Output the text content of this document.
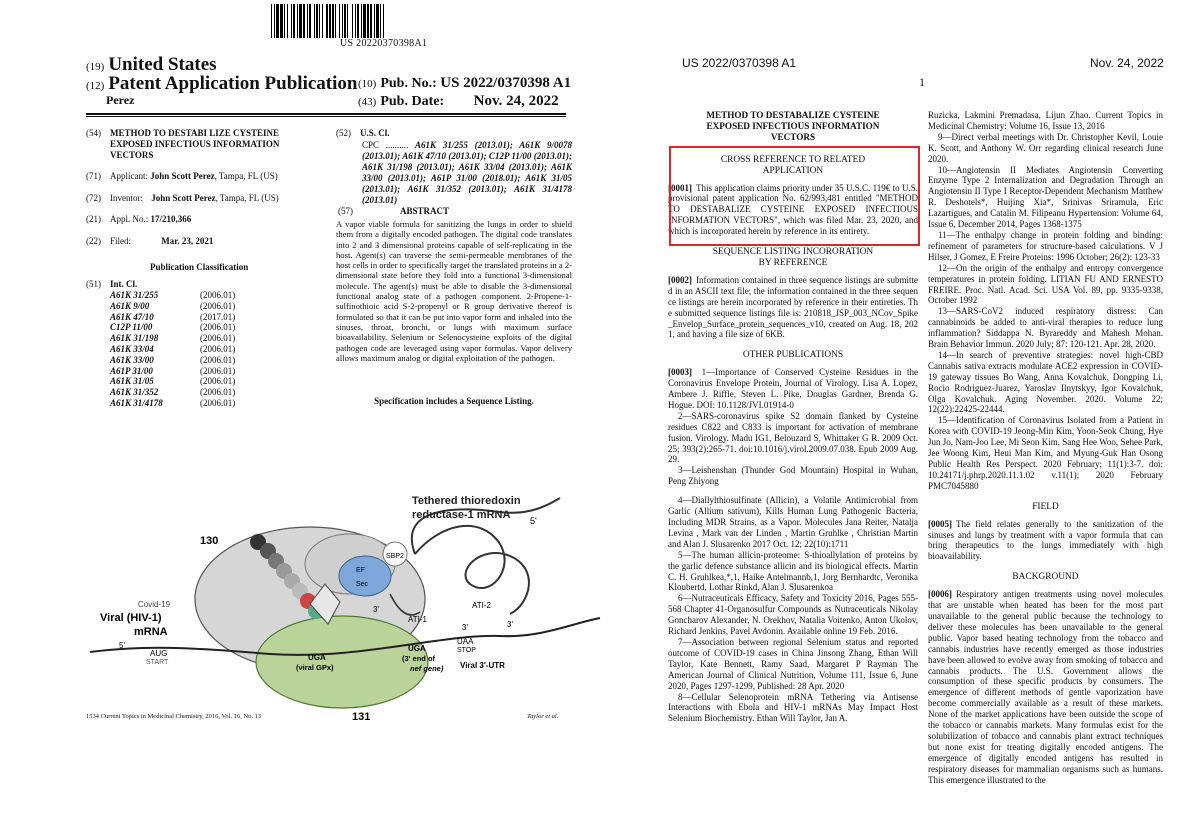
US 20220370398A1
(19) United States
(12) Patent Application Publication
Perez
(10) Pub. No.: US 2022/0370398 A1
(43) Pub. Date: Nov. 24, 2022
(54) METHOD TO DESTABI LIZE CYSTEINE EXPOSED INFECTIOUS INFORMATION VECTORS
(71) Applicant: John Scott Perez, Tampa, FL (US)
(72) Inventor: John Scott Perez, Tampa, FL (US)
(21) Appl. No.: 17/210,366
(22) Filed:	Mar. 23, 2021
Publication Classification
(51) Int. Cl.
A61K 31/255	(2006.01)
A61K 9/00	(2006.01)
A61K 47/10	(2017.01)
C12P 11/00	(2006.01)
A61K 31/198	(2006.01)
A61K 33/04	(2006.01)
A61K 33/00	(2006.01)
A61P 31/00	(2006.01)
A61K 31/05	(2006.01)
A61K 31/352	(2006.01)
A61K 31/4178	(2006.01)
(52) U.S. Cl.
CPC .......... A61K 31/255 (2013.01); A61K 9/0078 (2013.01); A61K 47/10 (2013.01); C12P 11/00 (2013.01); A61K 31/198 (2013.01); A61K 33/04 (2013.01); A61K 33/00 (2013.01); A61P 31/00 (2018.01); A61K 31/05 (2013.01); A61K 31/352 (2013.01); A61K 31/4178 (2013.01)
(57)	ABSTRACT
A vapor viable formula for sanitizing the lungs in order to shield them from a digitally encoded pathogen. The digital code translates into 2 and 3 dimensional proteins capable of self-replicating in the host. Agent(s) can traverse the semi-permeable membranes of the host cells in order to specifically target the translated proteins in a 2-dimensional state before they fold into a functional 3-dimensional molecule. The agent(s) must be able to disable the 3-dimensional functional analog state of a pathogen component. 2-Propene-1-sulfinothioic acid S-2-propenyl or R group derivative thereof is formulated so that it can be put into vapor form and inhaled into the sinuses, throat, bronchi, or lungs with maximum surface bioavailability. Selenium or Selenocysteine exploits of the digital pathogen code are leveraged using vapor formulas. Vapor delivery allows maximum analog or digital exploitation of the pathogen.
Specification includes a Sequence Listing.
130
131
Tethered thioredoxin
reductase-1 mRNA 5'
SBP2
EF
Sec
Covid-19
Viral (HIV-1)
mRNA
ATI-1
ATI-2
3'
3'	3'
5'	UAA
STOP
UGA
(3' end of
nef gene) Viral 3'-UTR
AUG
START
UGA
(viral GPx)
1534 Current Topics in Medicinal Chemistry, 2016, Vol. 16, No. 13	Taylor et al.
US 2022/0370398 A1	Nov. 24, 2022
1
METHOD TO DESTABALIZE CYSTEINE EXPOSED INFECTIOUS INFORMATION VECTORS
CROSS REFERENCE TO RELATED APPLICATION
[0001] This application claims priority under 35 U.S.C. 119€ to U.S. provisional patent application No. 62/993,481 entitled "METHOD TO DESTABALIZE CYSTEINE EXPOSED INFECTIOUS INFORMATION VECTORS", which was filed Mar. 23, 2020, and which is incorporated herein by reference in its entirety.
SEQUENCE LISTING INCORORATION BY REFERENCE
[0002] Information contained in three sequence listings are submitted in an ASCII text file; the information contained in the three sequence listings are herein incorporated by reference in their entireties. The submitted sequence listings file is: 210818_JSP_003_NCov_Spike_Envelop_Surface_protein_sequences_v10, created on Aug. 18, 2021, and having a file size of 6KB.
OTHER PUBLICATIONS
[0003] 1—Importance of Conserved Cysteine Residues in the Coronavirus Envelope Protein, Journal of Virology. Lisa A. Lopez, Ambere J. Riffle, Steven L. Pike, Douglas Gardner, Brenda G. Hogue. DOI: 10.1128/JVI.01914-0
2—SARS-coronavirus spike S2 domain flanked by Cysteine residues C822 and C833 is important for activation of membrane fusion. Virology. Madu IG1, Belouzard S, Whittaker G R. 2009 Oct. 25; 393(2):265-71. doi:10.1016/j.virol.2009.07.038. Epub 2009 Aug. 29.
3—Leishenshan (Thunder God Mountain) Hospital in Wuhan, Peng Zhiyong
4—Diallylthiosulfinate (Allicin), a Volatile Antimicrobial from Garlic (Allium sativum), Kills Human Lung Pathogenic Bacteria, Including MDR Strains, as a Vapor. Molecules Jana Reiter, Natalja Levina , Mark van der Linden , Martin Gruhlke , Christian Martin and Alan J. Slusarenko 2017 Oct. 12; 22(10):1711
5—The human allicin-proteome: S-thioallylation of proteins by the garlic defence substance allicin and its biological effects. Martin C. H. Gruhlkea,*,1, Haike Antelmannb,1, Jorg Bernhardtc, Veronika Kloubertd, Lothar Rinkd, Alan J. Slusarenkoa
6—Nutraceuticals Efficacy, Safety and Toxicity 2016, Pages 555-568 Chapter 41-Organosulfur Compounds as Nutraceuticals Nikolay Goncharov Alexander, N. Orekhov, Natalia Voitenko, Anton Ukolov, Richard Jenkins, Pavel Avdonin. Available online 19 Feb. 2016.
7—Association between regional Selenium status and reported outcome of COVID-19 cases in China Jinsong Zhang, Ethan Will Taylor, Kate Bennett, Ramy Saad, Margaret P Rayman The American Journal of Clinical Nutrition, Volume 111, Issue 6, June 2020, Pages 1297-1299, Published: 28 Apr. 2020
8—Cellular Selenoprotein mRNA Tethering via Antisense Interactions with Ebola and HIV-1 mRNAs May Impact Host Selenium Biochemistry. Ethan Will Taylor, Jan A.
Ruzicka, Lakmini Premadasa, Lijun Zhao. Current Topics in Medicinal Chemistry: Volume 16, Issue 13, 2016
9—Direct verbal meetings with Dr. Christopher Kevil, Louie K. Scott, and Anthony W. Orr regarding clinical research June 2020.
10—Angiotensin II Mediates Angiotensin Converting Enzyme Type 2 Internalization and Degradation Through an Angiotensin II Type I Receptor-Dependent Mechanism Matthew R. Deshotels*, Huijing Xia*, Srinivas Sriramula, Eric Lazartigues, and Catalin M. Filipeanu Hypertension: Volume 64, Issue 6, December 2014, Pages 1368-1375
11—The enthalpy change in protein folding and binding: refinement of parameters for structure-based calculations. V J Hilser, J Gomez, E Freire Proteins: 1996 October; 26(2): 123-33
12—On the origin of the enthalpy and entropy convergence temperatures in protein folding. LITIAN FU AND ERNESTO FREIRE. Proc. Natl. Acad. Sci. USA Vol. 89, pp. 9335-9338, October 1992
13—SARS-CoV2 induced respiratory distress: Can cannabinoids be added to anti-viral therapies to reduce lung inflammation? Siddappa N. Byrareddy and Mahesh Mohan. Brain Behavior Immun. 2020 July; 87: 120-121. Apr. 28, 2020.
14—In search of preventive strategies: novel high-CBD Cannabis sativa extracts modulate ACE2 expression in COVID-19 gateway tissues Bo Wang, Anna Kovalchuk, Dongping Li, Rocio Rodriguez-Juarez, Yaroslav Ilnytskyy, Igor Kovalchuk, Olga Kovalchuk. Aging November. 2020. Volume 22; 12(22):22425-22444.
15—Identification of Coronavirus Isolated from a Patient in Korea with COVID-19 Jeong-Min Kim, Yoon-Seok Chung, Hye Jun Jo, Nam-Joo Lee, Mi Seon Kim, Sang Hee Woo, Sehee Park, Jee Woong Kim, Heui Man Kim, and Myung-Guk Han Osong Public Health Res Perspect. 2020 February; 11(1):3-7. doi: 10.24171/j.phrp.2020.11.1.02 v.11(1); 2020 February PMC7045880
FIELD
[0005] The field relates generally to the sanitization of the sinuses and lungs by treatment with a vapor formula that can bring therapeutics to the lungs immediately with high bioavailability.
BACKGROUND
[0006] Respiratory antigen treatments using novel molecules that are unstable when heated has been for the most part unavailable to the general public because the technology to deliver these molecules has been unavailable to the general public. Vapor based heating technology from the tobacco and cannabis industries have recently emerged as those industries have been allowed to evolve away from smoking of tobacco and cannabis products. The U.S. Government allows the consumption of these specific products by consumers. The emergence of different methods of gentle vaporization have become commercially available as a result of these markets. None of the market applications have been outside the scope of the tobacco or cannabis markets. Many formulas exist for the solubilization of tobacco and cannabis plant extract techniques but none exist for treating digitally encoded antigens. The emergence of digitally encoded antigens has resulted in respiratory diseases for mammalian organisms such as humans. This emergence illustrated to the
